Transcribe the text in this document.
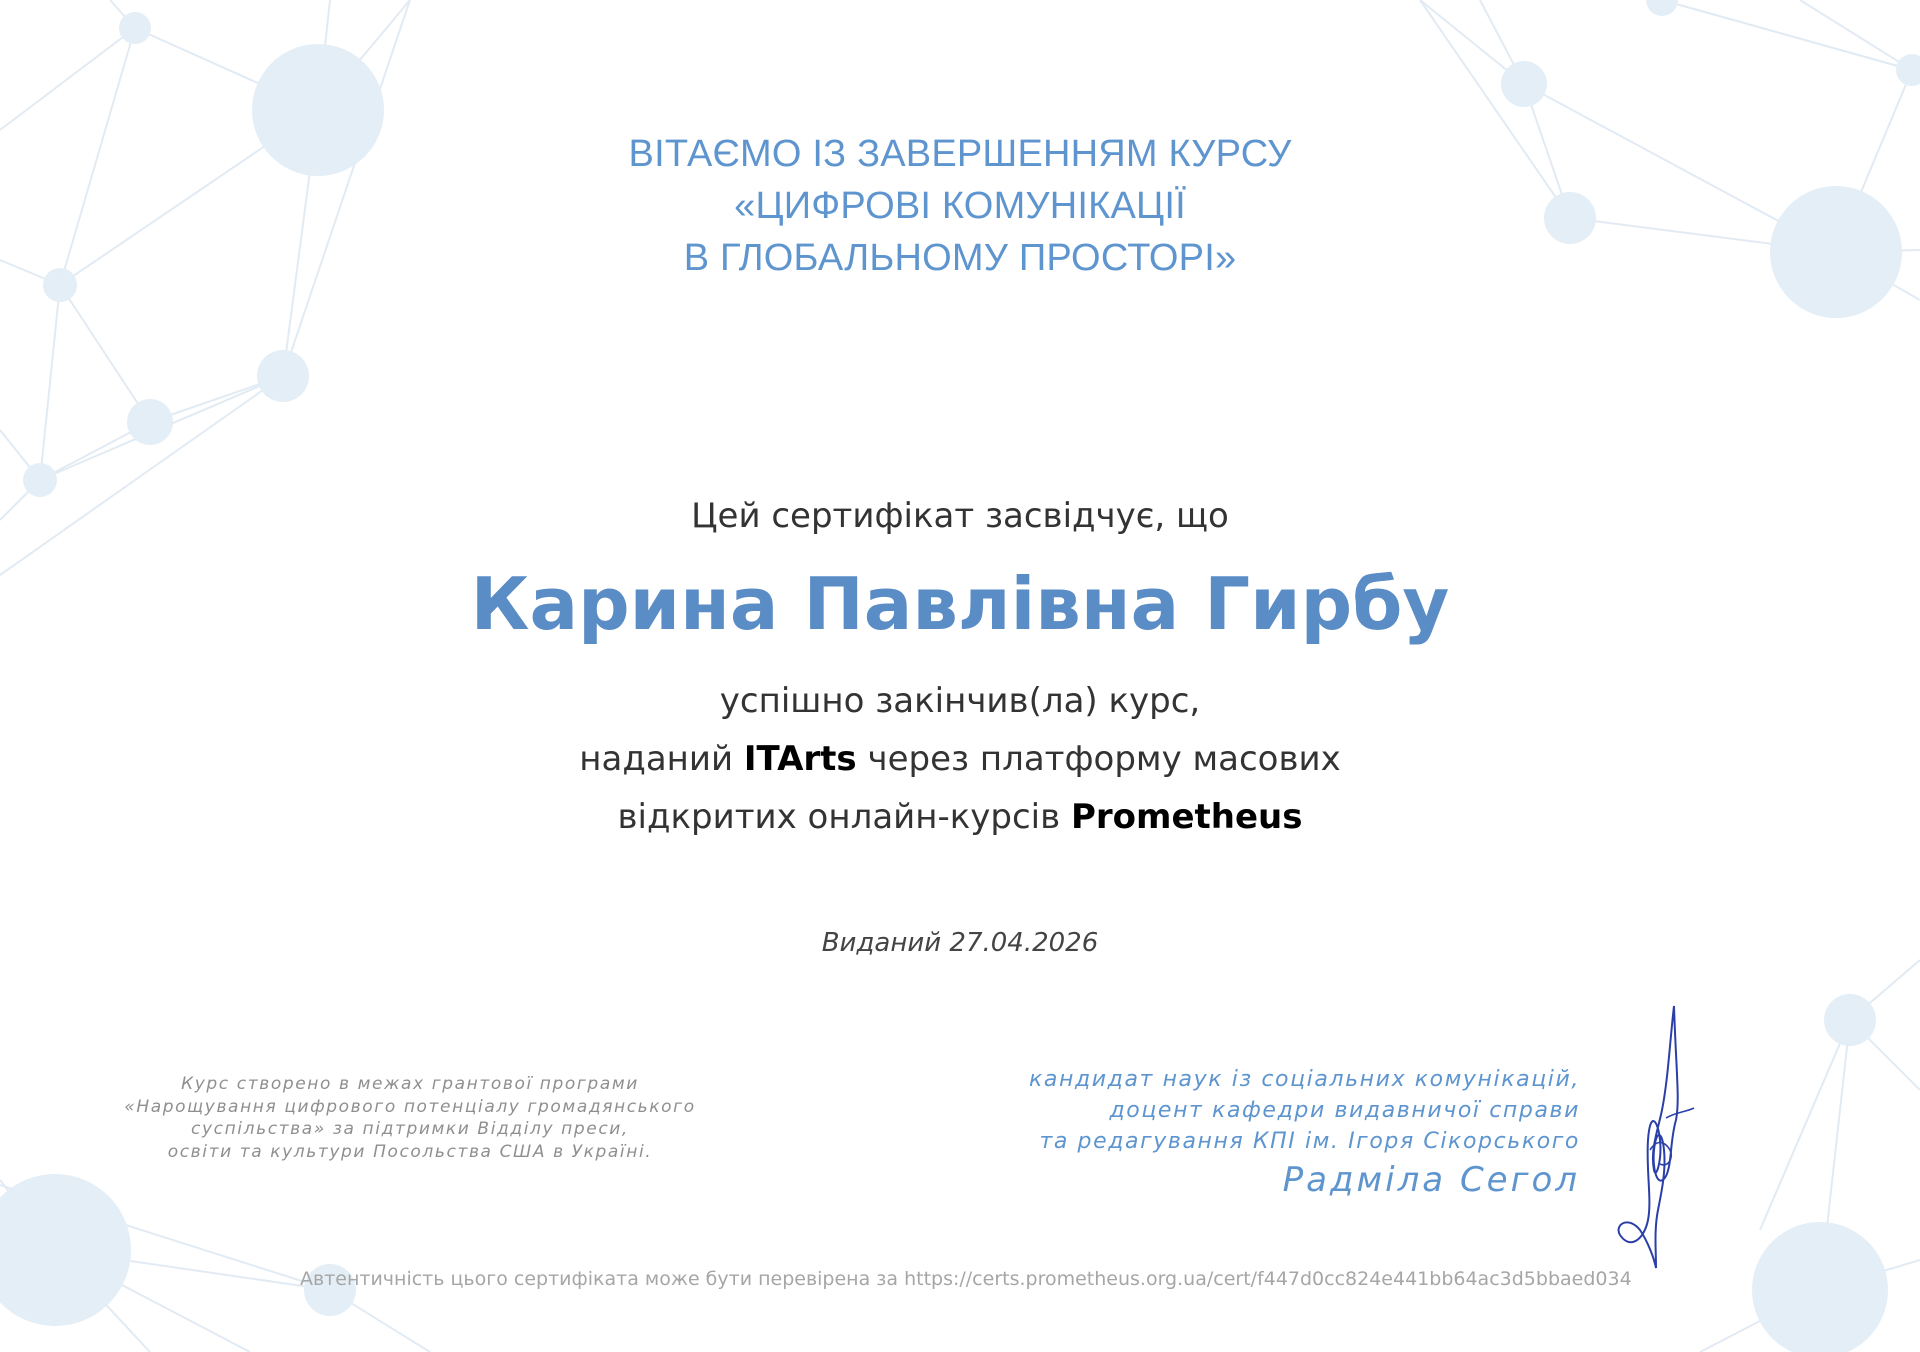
ВІТАЄМО ІЗ ЗАВЕРШЕННЯМ КУРСУ
«ЦИФРОВІ КОМУНІКАЦІЇ
В ГЛОБАЛЬНОМУ ПРОСТОРІ»
Цей сертифікат засвідчує, що
Карина Павлівна Гирбу
успішно закінчив(ла) курс,
наданий ITArts через платформу масових
відкритих онлайн-курсів Prometheus
Виданий 27.04.2026
Курс створено в межах грантової програми
«Нарощування цифрового потенціалу громадянського
суспільства» за підтримки Відділу преси,
освіти та культури Посольства США в Україні.
кандидат наук із соціальних комунікацій,
доцент кафедри видавничої справи
та редагування КПІ ім. Ігоря Сікорського
Радміла Сегол
Автентичність цього сертифіката може бути перевірена за https://certs.prometheus.org.ua/cert/f447d0cc824e441bb64ac3d5bbaed034
